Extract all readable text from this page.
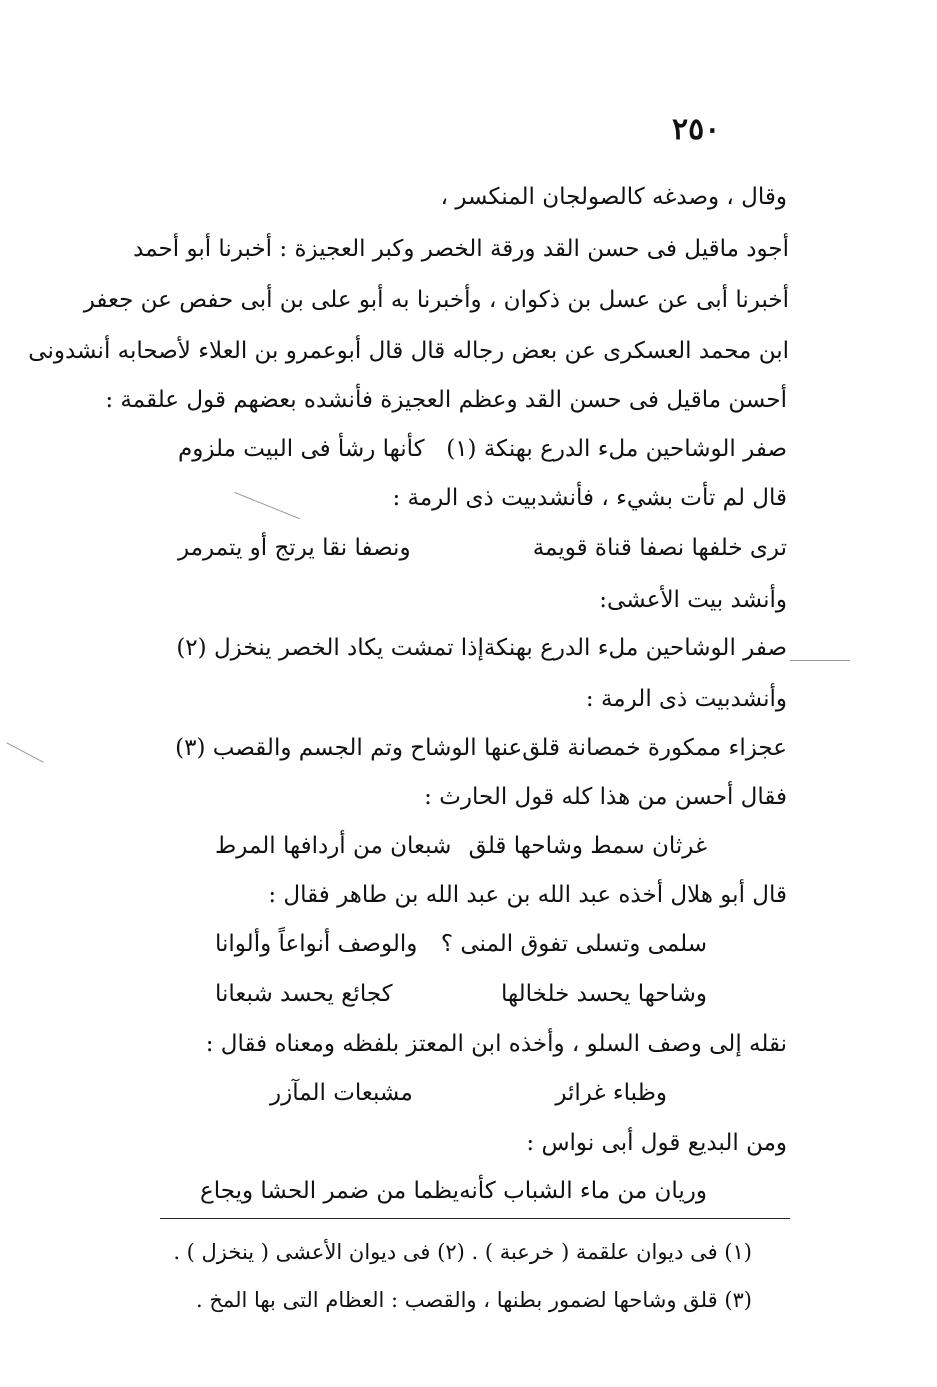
٢٥٠
وقال ، وصدغه كالصولجان المنكسر ،
أجود ماقيل فى حسن القد ورقة الخصر وكبر العجيزة : أخبرنا أبو أحمد
أخبرنا أبى عن عسل بن ذكوان ، وأخبرنا به أبو على بن أبى حفص عن جعفر
ابن محمد العسكرى عن بعض رجاله قال قال أبوعمرو بن العلاء لأصحابه أنشدونى
أحسن ماقيل فى حسن القد وعظم العجيزة فأنشده بعضهم قول علقمة :
صفر الوشاحين ملء الدرع بهنكة (١)
كأنها رشأ فى البيت ملزوم
قال لم تأت بشيء ، فأنشدبيت ذى الرمة :
ترى خلفها نصفا قناة قويمة
ونصفا نقا يرتج أو يتمرمر
وأنشد بيت الأعشى:
صفر الوشاحين ملء الدرع بهنكة
إذا تمشت يكاد الخصر ينخزل (٢)
وأنشدبيت ذى الرمة :
عجزاء ممكورة خمصانة قلق
عنها الوشاح وتم الجسم والقصب (٣)
فقال أحسن من هذا كله قول الحارث :
غرثان سمط وشاحها قلق
شبعان من أردافها المرط
قال أبو هلال أخذه عبد الله بن عبد الله بن طاهر فقال :
سلمى وتسلى تفوق المنى ؟
والوصف أنواعاً وألوانا
وشاحها يحسد خلخالها
كجائع يحسد شبعانا
نقله إلى وصف السلو ، وأخذه ابن المعتز بلفظه ومعناه فقال :
وظباء غرائر
مشبعات المآزر
ومن البديع قول أبى نواس :
وريان من ماء الشباب كأنه
يظما من ضمر الحشا ويجاع
(١) فى ديوان علقمة ( خرعبة ) . (٢) فى ديوان الأعشى ( ينخزل ) .
(٣) قلق وشاحها لضمور بطنها ، والقصب : العظام التى بها المخ .
